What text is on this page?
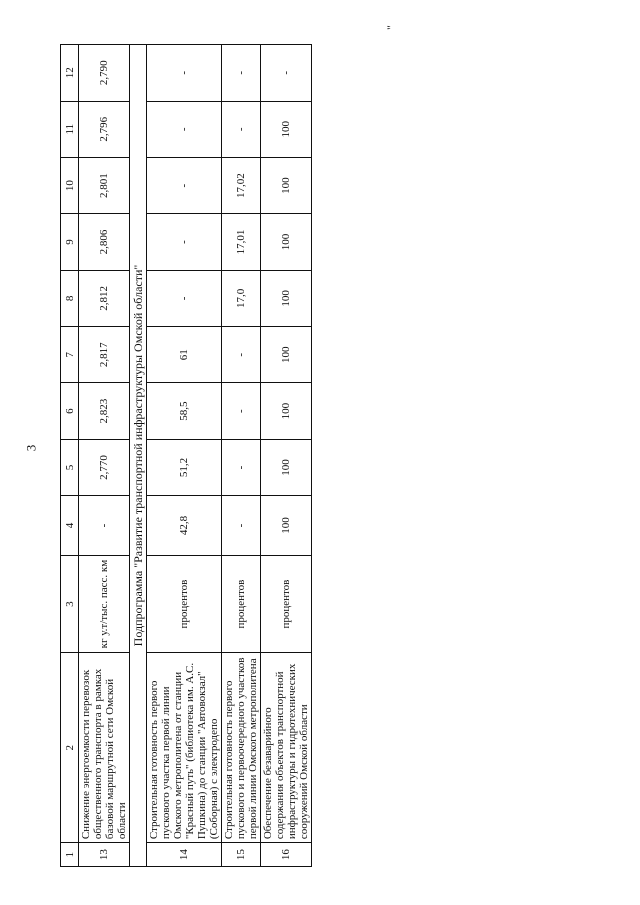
3
"
1	2	3	4	5	6	7	8	9	10	11	12
13	Снижение энергоемкости перевозок общественного транспорта в рамках базовой маршрутной сети Омской области	кг у.т/тыс. пасс. км	-	2,770	2,823	2,817	2,812	2,806	2,801	2,796	2,790
Подпрограмма "Развитие транспортной инфраструктуры Омской области"											
14	Строительная готовность первого пускового участка первой линии Омского метрополитена от станции "Красный путь" (библиотека им. А.С. Пушкина) до станции "Автовокзал" (Соборная) с электродепо	процентов	42,8	51,2	58,5	61	-	-	-	-	-
15	Строительная готовность первого пускового и первоочередного участков первой линии Омского метрополитена	процентов	-	-	-	-	17,0	17,01	17,02	-	-
16	Обеспечение безаварийного содержания объектов транспортной инфраструктуры и гидротехнических сооружений Омской области	процентов	100	100	100	100	100	100	100	100	-
